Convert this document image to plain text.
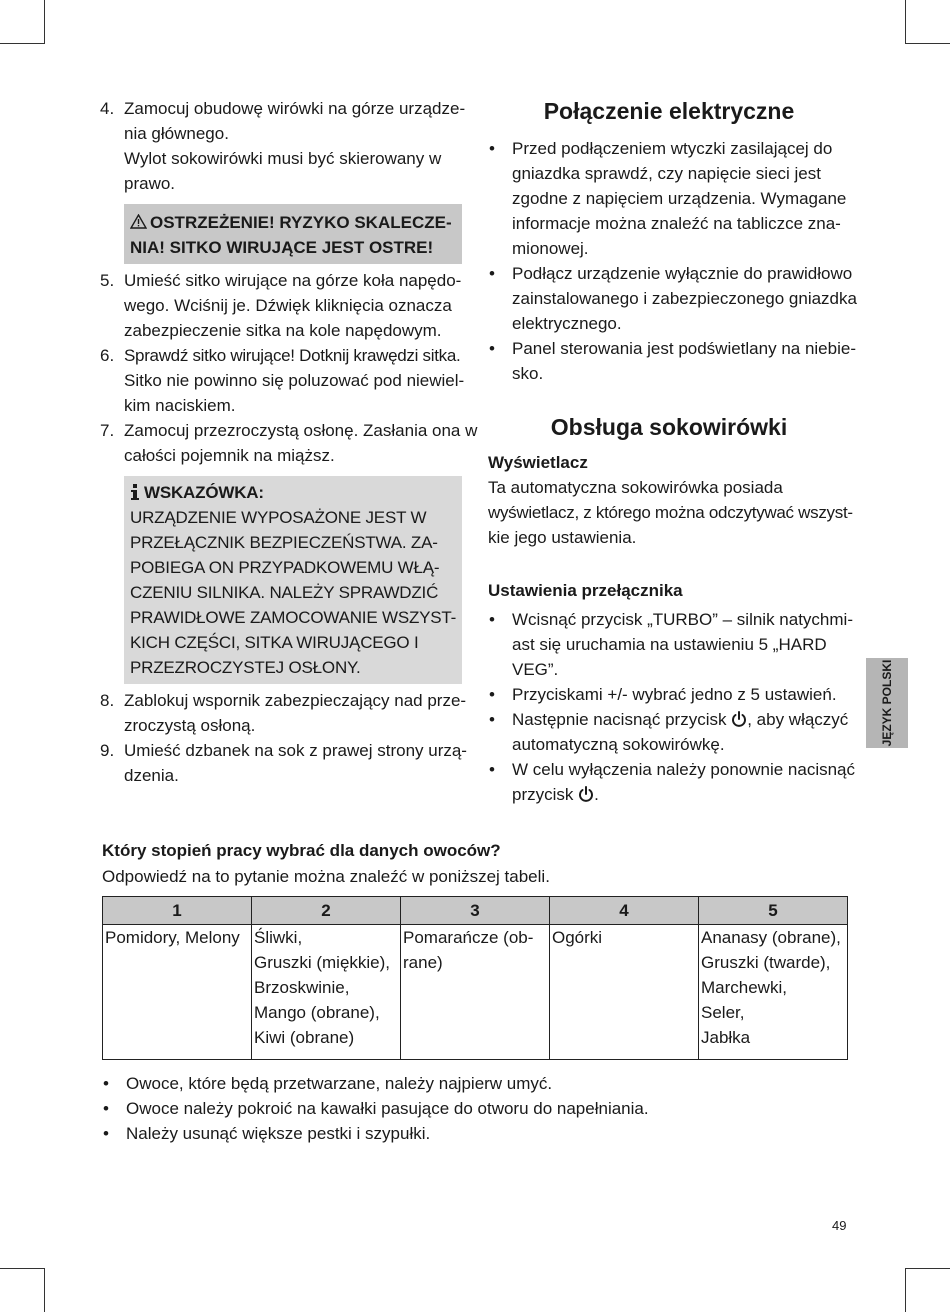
4. Zamocuj obudowę wirówki na górze urządze-
nia głównego.
Wylot sokowirówki musi być skierowany w
prawo.
OSTRZEŻENIE! RYZYKO SKALECZE-
NIA! SITKO WIRUJĄCE JEST OSTRE!
5. Umieść sitko wirujące na górze koła napędo-
wego. Wciśnij je. Dźwięk kliknięcia oznacza
zabezpieczenie sitka na kole napędowym.
6. Sprawdź sitko wirujące! Dotknij krawędzi sitka.
Sitko nie powinno się poluzować pod niewiel-
kim naciskiem.
7. Zamocuj przezroczystą osłonę. Zasłania ona w
całości pojemnik na miąższ.
WSKAZÓWKA:
URZĄDZENIE WYPOSAŻONE JEST W
PRZEŁĄCZNIK BEZPIECZEŃSTWA. ZA-
POBIEGA ON PRZYPADKOWEMU WŁĄ-
CZENIU SILNIKA. NALEŻY SPRAWDZIĆ
PRAWIDŁOWE ZAMOCOWANIE WSZYST-
KICH CZĘŚCI, SITKA WIRUJĄCEGO I
PRZEZROCZYSTEJ OSŁONY.
8. Zablokuj wspornik zabezpieczający nad prze-
zroczystą osłoną.
9. Umieść dzbanek na sok z prawej strony urzą-
dzenia.
Połączenie elektryczne
•	Przed podłączeniem wtyczki zasilającej do
gniazdka sprawdź, czy napięcie sieci jest
zgodne z napięciem urządzenia. Wymagane
informacje można znaleźć na tabliczce zna-
mionowej.
•	Podłącz urządzenie wyłącznie do prawidłowo
zainstalowanego i zabezpieczonego gniazdka
elektrycznego.
•	Panel sterowania jest podświetlany na niebie-
sko.
Obsługa sokowirówki
Wyświetlacz
Ta automatyczna sokowirówka posiada
wyświetlacz, z którego można odczytywać wszyst-
kie jego ustawienia.
Ustawienia przełącznika
•	Wcisnąć przycisk „TURBO” – silnik natychmi-
ast się uruchamia na ustawieniu 5 „HARD
VEG”.
•	Przyciskami +/- wybrać jedno z 5 ustawień.
•	Następnie nacisnąć przycisk , aby włączyć
automatyczną sokowirówkę.
•	W celu wyłączenia należy ponownie nacisnąć
przycisk .
JĘZYK POLSKI
Który stopień pracy wybrać dla danych owoców?
Odpowiedź na to pytanie można znaleźć w poniższej tabeli.
1	2	3	4	5

Pomidory, Melony	Śliwki,
Gruszki (miękkie),
Brzoskwinie,
Mango (obrane),
Kiwi (obrane)	Pomarańcze (ob-
rane)	Ogórki	Ananasy (obrane),
Gruszki (twarde),
Marchewki,
Seler,
Jabłka
•	Owoce, które będą przetwarzane, należy najpierw umyć.
•	Owoce należy pokroić na kawałki pasujące do otworu do napełniania.
•	Należy usunąć większe pestki i szypułki.
49
